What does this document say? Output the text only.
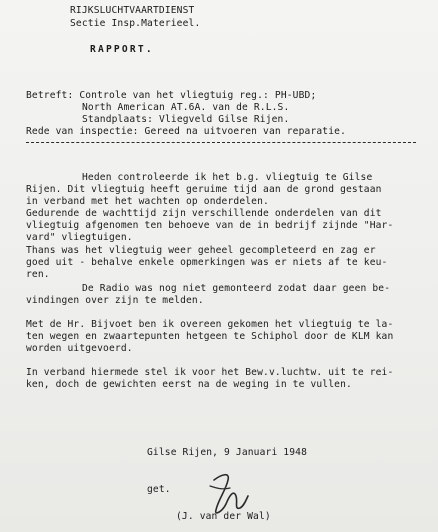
RIJKSLUCHTVAARTDIENST
Sectie Insp.Materieel.
RAPPORT.
Betreft: Controle van het vliegtuig reg.: PH-UBD;
North American AT.6A. van de R.L.S.
Standplaats: Vliegveld Gilse Rijen.
Rede van inspectie: Gereed na uitvoeren van reparatie.
Heden controleerde ik het b.g. vliegtuig te Gilse
Rijen. Dit vliegtuig heeft geruime tijd aan de grond gestaan
in verband met het wachten op onderdelen.
Gedurende de wachttijd zijn verschillende onderdelen van dit
vliegtuig afgenomen ten behoeve van de in bedrijf zijnde "Har-
vard" vliegtuigen.
Thans was het vliegtuig weer geheel gecompleteerd en zag er
goed uit - behalve enkele opmerkingen was er niets af te keu-
ren.
De Radio was nog niet gemonteerd zodat daar geen be-
vindingen over zijn te melden.
Met de Hr. Bijvoet ben ik overeen gekomen het vliegtuig te la-
ten wegen en zwaartepunten hetgeen te Schiphol door de KLM kan
worden uitgevoerd.
In verband hiermede stel ik voor het Bew.v.luchtw. uit te rei-
ken, doch de gewichten eerst na de weging in te vullen.
Gilse Rijen, 9 Januari 1948
get.
(J. van der Wal)
